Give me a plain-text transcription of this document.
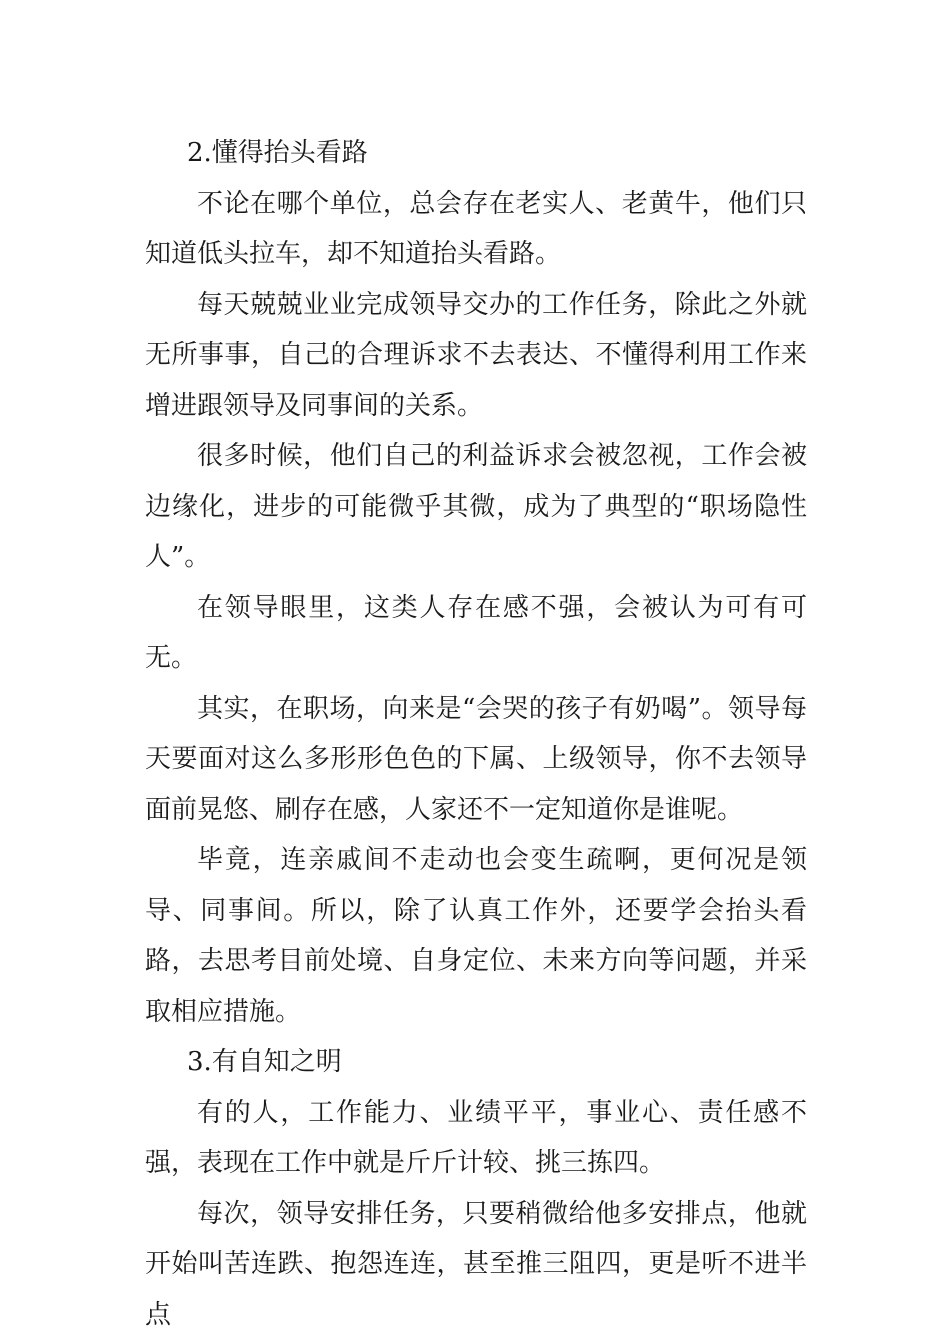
2.懂得抬头看路

不论在哪个单位，总会存在老实人、老黄牛，他们只知道低头拉车，却不知道抬头看路。

每天兢兢业业完成领导交办的工作任务，除此之外就无所事事，自己的合理诉求不去表达、不懂得利用工作来增进跟领导及同事间的关系。

很多时候，他们自己的利益诉求会被忽视，工作会被边缘化，进步的可能微乎其微，成为了典型的“职场隐性人”。

在领导眼里，这类人存在感不强，会被认为可有可无。

其实，在职场，向来是“会哭的孩子有奶喝”。领导每天要面对这么多形形色色的下属、上级领导，你不去领导面前晃悠、刷存在感，人家还不一定知道你是谁呢。

毕竟，连亲戚间不走动也会变生疏啊，更何况是领导、同事间。所以，除了认真工作外，还要学会抬头看路，去思考目前处境、自身定位、未来方向等问题，并采取相应措施。

3.有自知之明

有的人，工作能力、业绩平平，事业心、责任感不强，表现在工作中就是斤斤计较、挑三拣四。

每次，领导安排任务，只要稍微给他多安排点，他就开始叫苦连跌、抱怨连连，甚至推三阻四，更是听不进半点
